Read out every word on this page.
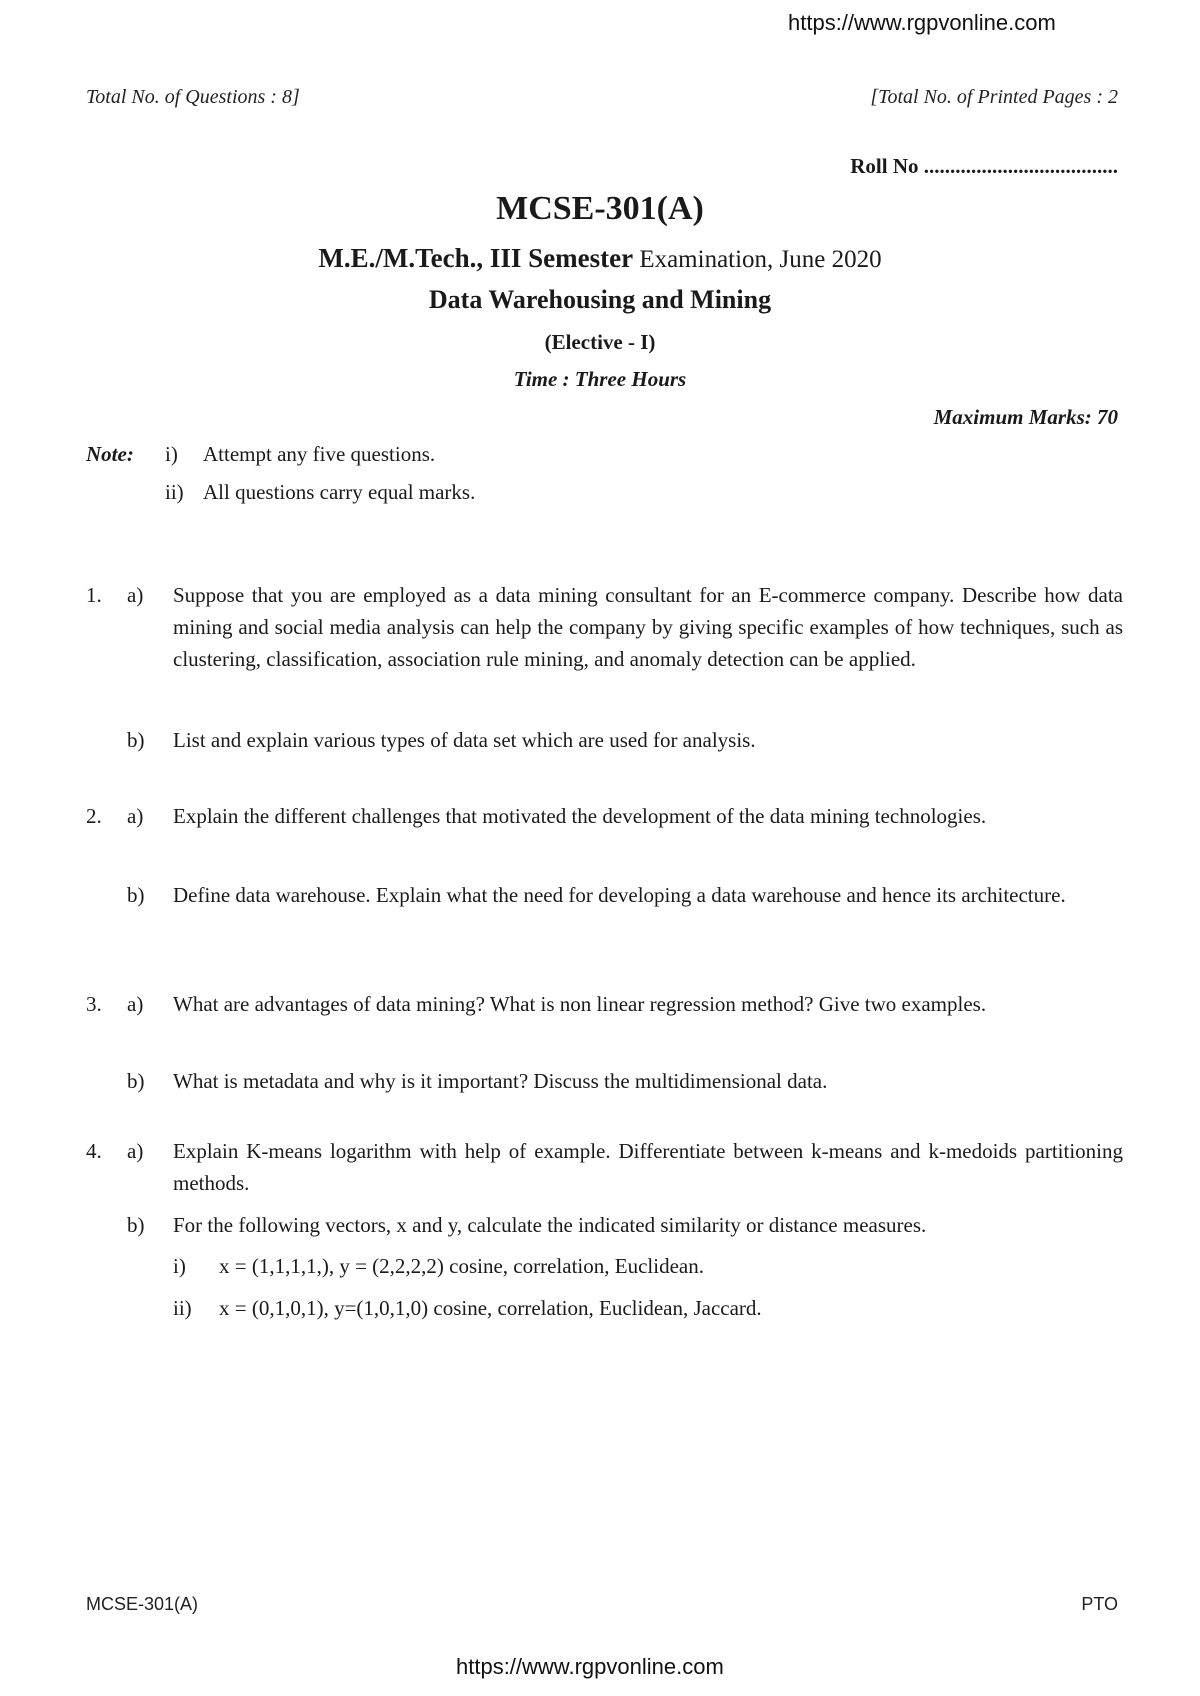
https://www.rgpvonline.com
Total No. of Questions : 8]	[Total No. of Printed Pages : 2
Roll No .....................................
MCSE-301(A)
M.E./M.Tech., III Semester Examination, June 2020
Data Warehousing and Mining
(Elective - I)
Time : Three Hours
Maximum Marks: 70
Note: i) Attempt any five questions.
ii) All questions carry equal marks.
1. a) Suppose that you are employed as a data mining consultant for an E-commerce company. Describe how data mining and social media analysis can help the company by giving specific examples of how techniques, such as clustering, classification, association rule mining, and anomaly detection can be applied.
b) List and explain various types of data set which are used for analysis.
2. a) Explain the different challenges that motivated the development of the data mining technologies.
b) Define data warehouse. Explain what the need for developing a data warehouse and hence its architecture.
3. a) What are advantages of data mining? What is non linear regression method? Give two examples.
b) What is metadata and why is it important? Discuss the multidimensional data.
4. a) Explain K-means logarithm with help of example. Differentiate between k-means and k-medoids partitioning methods.
b) For the following vectors, x and y, calculate the indicated similarity or distance measures.
i) x = (1,1,1,1,), y = (2,2,2,2) cosine, correlation, Euclidean.
ii) x = (0,1,0,1), y=(1,0,1,0) cosine, correlation, Euclidean, Jaccard.
MCSE-301(A)	PTO
https://www.rgpvonline.com
